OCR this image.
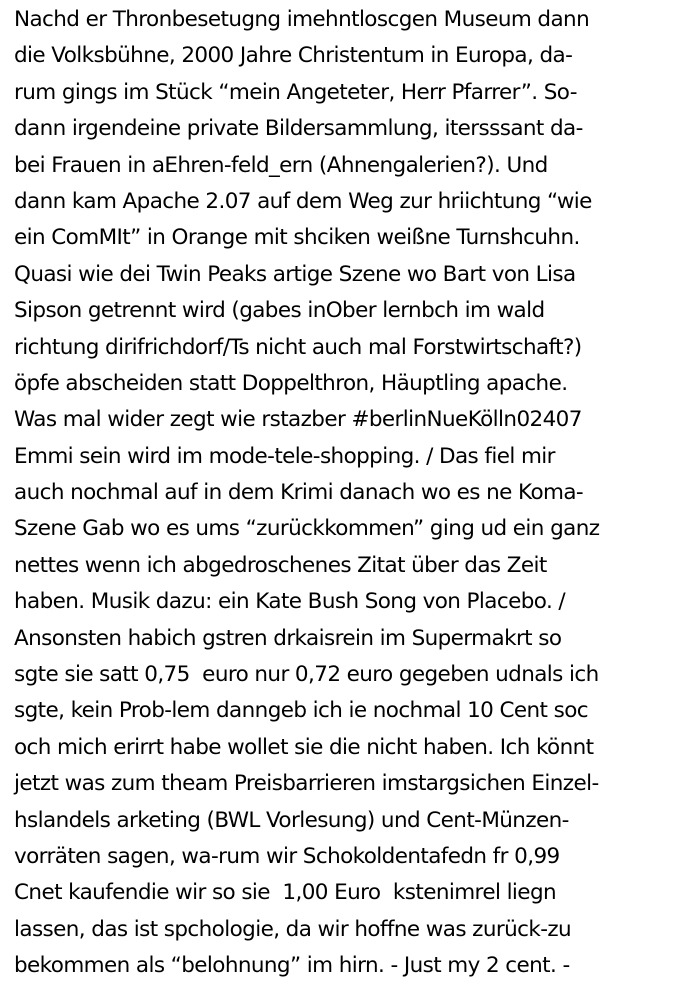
Nachd er Thronbesetugng imehntloscgen Museum dann
die Volksbühne, 2000 Jahre Christentum in Europa, da-
rum gings im Stück “mein Angeteter, Herr Pfarrer”. So-
dann irgendeine private Bildersammlung, itersssant da-
bei Frauen in aEhren-feld_ern (Ahnengalerien?). Und
dann kam Apache 2.07 auf dem Weg zur hriichtung “wie
ein ComMIt” in Orange mit shciken weißne Turnshcuhn.
Quasi wie dei Twin Peaks artige Szene wo Bart von Lisa
Sipson getrennt wird (gabes inOber lernbch im wald
richtung dirifrichdorf/Ts nicht auch mal Forstwirtschaft?)
öpfe abscheiden statt Doppelthron, Häuptling apache.
Was mal wider zegt wie rstazber #berlinNueKölln02407
Emmi sein wird im mode-tele-shopping. / Das fiel mir
auch nochmal auf in dem Krimi danach wo es ne Koma-
Szene Gab wo es ums “zurückkommen” ging ud ein ganz
nettes wenn ich abgedroschenes Zitat über das Zeit
haben. Musik dazu: ein Kate Bush Song von Placebo. /
Ansonsten habich gstren drkaisrein im Supermakrt so
sgte sie satt 0,75  euro nur 0,72 euro gegeben udnals ich
sgte, kein Prob-lem danngeb ich ie nochmal 10 Cent soc
och mich erirrt habe wollet sie die nicht haben. Ich könnt
jetzt was zum theam Preisbarrieren imstargsichen Einzel-
hslandels arketing (BWL Vorlesung) und Cent-Münzen-
vorräten sagen, wa-rum wir Schokoldentafedn fr 0,99
Cnet kaufendie wir so sie  1,00 Euro  kstenimrel liegn
lassen, das ist spchologie, da wir hoffne was zurück-zu
bekommen als “belohnung” im hirn. - Just my 2 cent. -
